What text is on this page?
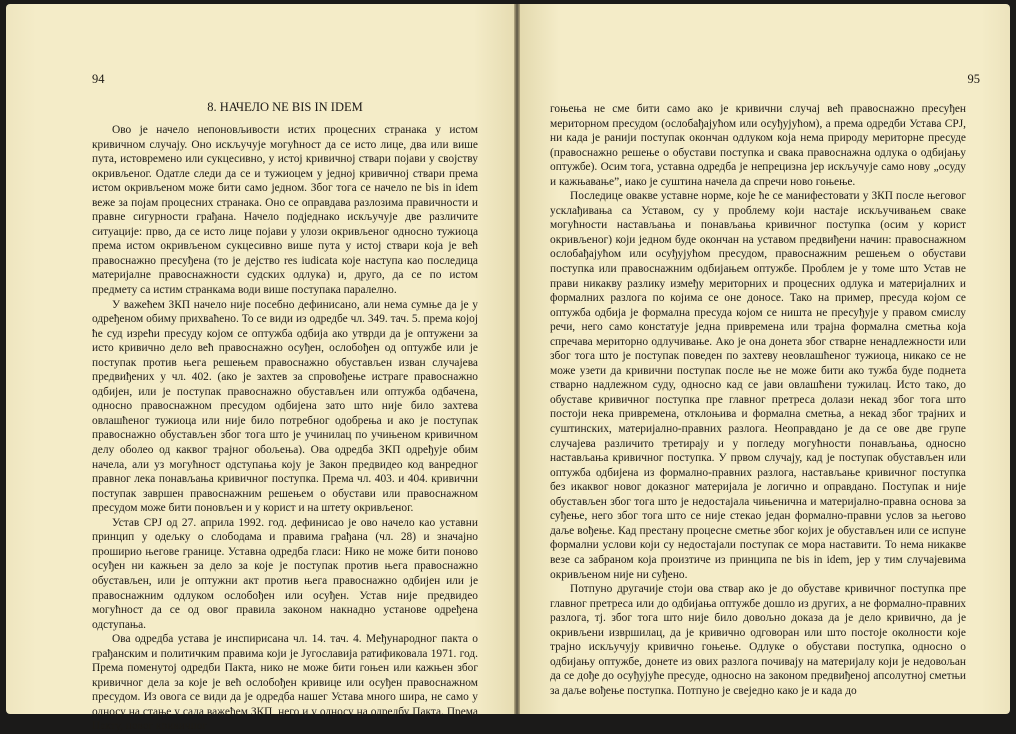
94
8. НАЧЕЛО NE BIS IN IDEM

Ово је начело непоновљивости истих процесних странака у истом кривичном случају. Оно искључује могућност да се исто лице, два или више пута, истовремено или сукцесивно, у истој кривичној ствари појави у својству окривљеног. Одатле следи да се и тужиоцем у једној кривичној ствари према истом окривљеном може бити само једном. Због тога се начело ne bis in idem веже за појам процесних странака. Оно се оправдава разлозима правичности и правне сигурности грађана. Начело подједнако искључује две различите ситуације: прво, да се исто лице појави у улози окривљеног односно тужиоца према истом окривљеном сукцесивно више пута у истој ствари која је већ правоснажно пресуђена (то је дејство res iudicata које наступа као последица материјалне правоснажности судских одлука) и, друго, да се по истом предмету са истим странкама води више поступака паралелно.

У важећем ЗКП начело није посебно дефинисано, али нема сумње да је у одређеном обиму прихваћено. То се види из одредбе чл. 349. тач. 5. према којој ће суд изрећи пресуду којом се оптужба одбија ако утврди да је оптужени за исто кривично дело већ правоснажно осуђен, ослобођен од оптужбе или је поступак против њега решењем правоснажно обустављен изван случајева предвиђених у чл. 402. (ако је захтев за спровођење истраге правоснажно одбијен, или је поступак правоснажно обустављен или оптужба одбачена, односно правоснажном пресудом одбијена зато што није било захтева овлашћеног тужиоца или није било потребног одобрења и ако је поступак правоснажно обустављен због тога што је учинилац по учињеном кривичном делу оболео од каквог трајног обољења). Ова одредба ЗКП одређује обим начела, али уз могућност одступања коју је Закон предвидео код ванредног правног лека понављања кривичног поступка. Према чл. 403. и 404. кривични поступак завршен правоснажним решењем о обустави или правоснажном пресудом може бити поновљен и у корист и на штету окривљеног.

Устав СРЈ од 27. априла 1992. год. дефинисао је ово начело као уставни принцип у одељку о слободама и правима грађана (чл. 28) и значајно проширио његове границе. Уставна одредба гласи: Нико не може бити поново осуђен ни кажњен за дело за које је поступак против њега правоснажно обустављен, или је оптужни акт против њега правоснажно одбијен или је правоснажним одлуком ослобођен или осуђен. Устав није предвидео могућност да се од овог правила законом накнадно установе одређена одступања.

Ова одредба устава је инспирисана чл. 14. тач. 4. Међународног пакта о грађанским и политичким правима који је Југославија ратификовала 1971. год. Према поменутој одредби Пакта, нико не може бити гоњен или кажњен због кривичног дела за које је већ ослобођен кривице или осуђен правоснажном пресудом. Из овога се види да је одредба нашег Устава много шира, не само у односу на стање у сада важећем ЗКП, него и у односу на одредбу Пакта. Према Пакту, новог кривичног

95

гоњења не сме бити само ако је кривични случај већ правоснажно пресуђен мериторном пресудом (ослобађајућом или осуђујућом), а према одредби Устава СРЈ, ни када је ранији поступак окончан одлуком која нема природу мериторне пресуде (правоснажно решење о обустави поступка и свака правоснажна одлука о одбијању оптужбе). Осим тога, уставна одредба је непрецизна јер искључује само нову „осуду и кажњавање”, иако је суштина начела да спречи ново гоњење.

Последице овакве уставне норме, које ће се манифестовати у ЗКП после његовог усклађивања са Уставом, су у проблему који настаје искључивањем сваке могућности настављања и понављања кривичног поступка (осим у корист окривљеног) који једном буде окончан на уставом предвиђени начин: правоснажном ослобађајућом или осуђујућом пресудом, правоснажним решењем о обустави поступка или правоснажним одбијањем оптужбе. Проблем је у томе што Устав не прави никакву разлику између мериторних и процесних одлука и материјалних и формалних разлога по којима се оне доносе. Тако на пример, пресуда којом се оптужба одбија је формална пресуда којом се ништа не пресуђује у правом смислу речи, него само констатује једна привремена или трајна формална сметња која спречава мериторно одлучивање. Ако је она донета због стварне ненадлежности или због тога што је поступак поведен по захтеву неовлашћеног тужиоца, никако се не може узети да кривични поступак после ње не може бити ако тужба буде поднета стварно надлежном суду, односно кад се јави овлашћени тужилац. Исто тако, до обуставе кривичног поступка пре главног претреса долази некад због тога што постоји нека привремена, отклоњива и формална сметња, а некад због трајних и суштинских, материјално-правних разлога. Неоправдано је да се ове две групе случајева различито третирају и у погледу могућности понављања, односно настављања кривичног поступка. У првом случају, кад је поступак обустављен или оптужба одбијена из формално-правних разлога, настављање кривичног поступка без икаквог новог доказног материјала је логично и оправдано. Поступак и није обустављен због тога што је недостајала чињенична и материјално-правна основа за суђење, него због тога што се није стекао један формално-правни услов за његово даље вођење. Кад престану процесне сметње због којих је обустављен или се испуне формални услови који су недостајали поступак се мора наставити. То нема никакве везе са забраном која произтиче из принципа ne bis in idem, јер у тим случајевима окривљеном није ни суђено.

Потпуно другачије стоји ова ствар ако је до обуставе кривичног поступка пре главног претреса или до одбијања оптужбе дошло из других, а не формално-правних разлога, тј. због тога што није било довољно доказа да је дело кривично, да је окривљени извршилац, да је кривично одговоран или што постоје околности које трајно искључују кривично гоњење. Одлуке о обустави поступка, односно о одбијању оптужбе, донете из ових разлога почивају на материјалу који је недовољан да се дође до осуђујуће пресуде, односно на законом предвиђеној апсолутној сметњи за даље вођење поступка. Потпуно је свеједно како је и када до
